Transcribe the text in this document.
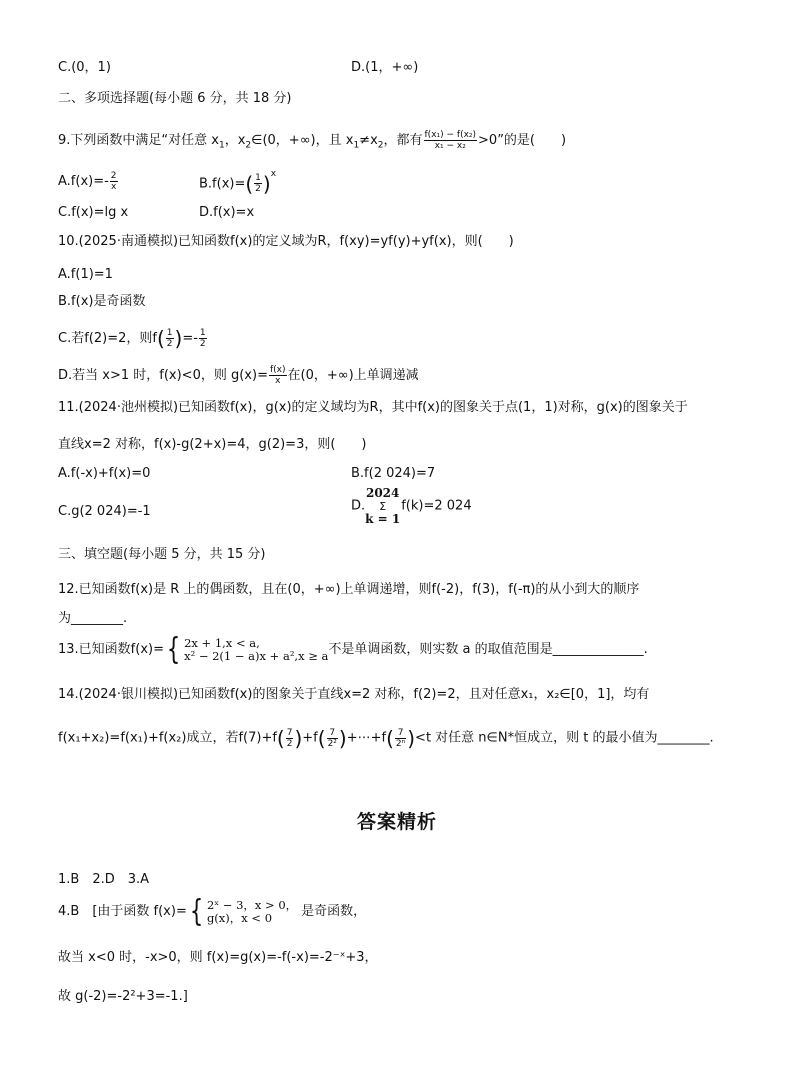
C.(0，1)	D.(1，+∞)
二、多项选择题(每小题 6 分，共 18 分)
9.下列函数中满足“对任意 $x_1$，$x_2\in(0$，+∞)，且 $x_1\ne x_2$，都有 $\frac{\text{f(x₁) − f(x₂)}}{\text{x₁ − x₂}} >0$”的是(　　)
$A.f(x)=- \frac{2}{x}$	$B.f(x)=( \frac{1}{2} )^x$
C.f(x)=lg x	D.f(x)=x
10.(2025·南通模拟)已知函数f(x)的定义域为R，f(xy)=yf(y)+yf(x)，则(　　)
A.f(1)=1
B.f(x)是奇函数
C.若f(2)=2，则$f( \frac{1}{2}$ )=- $\frac{1}{2}$
D.若当 x>1 时，f(x)<0，则 $g(x)= \frac{f(x)}{x}$ 在(0，+∞)上单调递减
11.(2024·池州模拟)已知函数f(x)，g(x)的定义域均为R，其中f(x)的图象关于点(1，1)对称，g(x)的图象关于
直线x=2 对称，f(x)-g(2+x)=4，g(2)=3，则(　　)
A.f(-x)+f(x)=0	B.f(2 024)=7
C.g(2 024)=-1	D.
2024
Σ
k = 1
f(k)=2 024
三、填空题(每小题 5 分，共 15 分)
12.已知函数f(x)是 R 上的偶函数，且在(0，+∞)上单调递增，则f(-2)，f(3)，f(-π)的从小到大的顺序
为________.
13.已知函数f(x)={ 2x + 1,x < a,
x² − 2(1 − a)x + a²,x ≥ a 不是单调函数，则实数 a 的取值范围是______________.
14.(2024·银川模拟)已知函数f(x)的图象关于直线x=2 对称，f(2)=2，且对任意x₁，x₂∈[0，1]，均有
f(x₁+x₂)=f(x₁)+f(x₂)成立，若$f(7)+f( \frac{7}{2} )+f( \frac{7}{\text{2²}}$ )+⋯+f( $\frac{7}{\text{2ⁿ}} )<t$ 对任意 n∈N*恒成立，则 t 的最小值为________.
答案精析
1.B　2.D　3.A
4.B　[由于函数 f(x)={ 2ˣ − 3，x > 0，
g(x)，x < 0	是奇函数，
故当 x<0 时，-x>0，则 f(x)=g(x)=-f(-x)=-2⁻ˣ+3，
故 g(-2)=-2²+3=-1.]
